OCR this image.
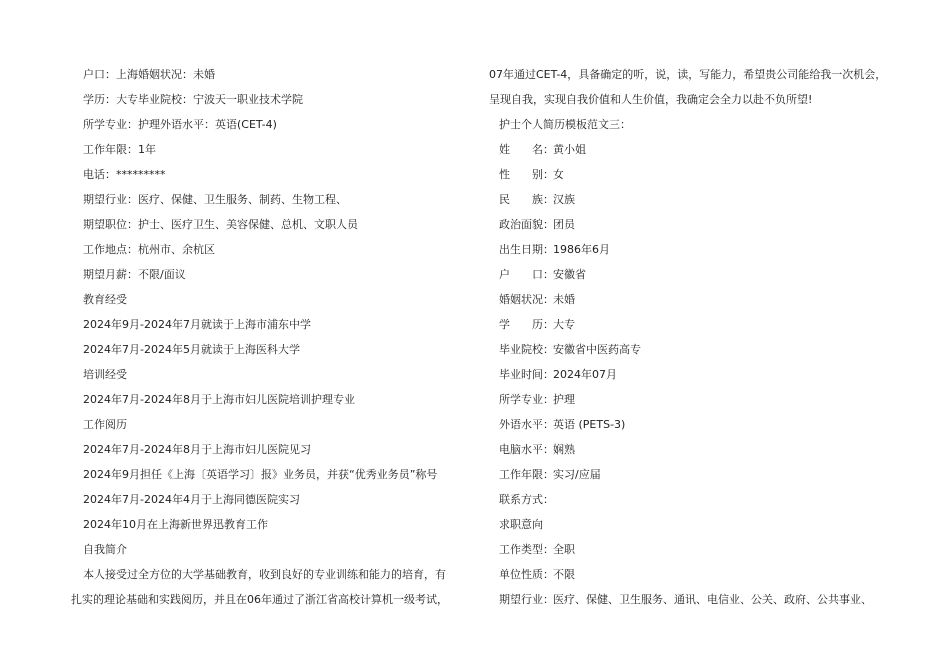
户口：上海婚姻状况：未婚
学历：大专毕业院校：宁波天一职业技术学院
所学专业：护理外语水平：英语(CET-4)
工作年限：1年
电话：*********
期望行业：医疗、保健、卫生服务、制药、生物工程、
期望职位：护士、医疗卫生、美容保健、总机、文职人员
工作地点：杭州市、余杭区
期望月薪：不限/面议
教育经受
2024年9月-2024年7月就读于上海市浦东中学
2024年7月-2024年5月就读于上海医科大学
培训经受
2024年7月-2024年8月于上海市妇儿医院培训护理专业
工作阅历
2024年7月-2024年8月于上海市妇儿医院见习
2024年9月担任《上海〔英语学习〕报》业务员，并获“优秀业务员”称号
2024年7月-2024年4月于上海同德医院实习
2024年10月在上海新世界迅教育工作
自我简介
本人接受过全方位的大学基础教育，收到良好的专业训练和能力的培育，有
扎实的理论基础和实践阅历，并且在06年通过了浙江省高校计算机一级考试，
07年通过CET-4，具备确定的听，说，读，写能力，希望贵公司能给我一次机会，
呈现自我，实现自我价值和人生价值，我确定会全力以赴不负所望!
护士个人简历模板范文三：
姓　　名： 黄小姐
性　　别： 女
民　　族： 汉族
政治面貌： 团员
出生日期： 1986年6月
户　　口： 安徽省
婚姻状况： 未婚
学　　历： 大专
毕业院校： 安徽省中医药高专
毕业时间： 2024年07月
所学专业： 护理
外语水平： 英语 (PETS-3)
电脑水平： 娴熟
工作年限： 实习/应届
联系方式：
求职意向
工作类型： 全职
单位性质： 不限
期望行业： 医疗、保健、卫生服务、通讯、电信业、公关、政府、公共事业、
